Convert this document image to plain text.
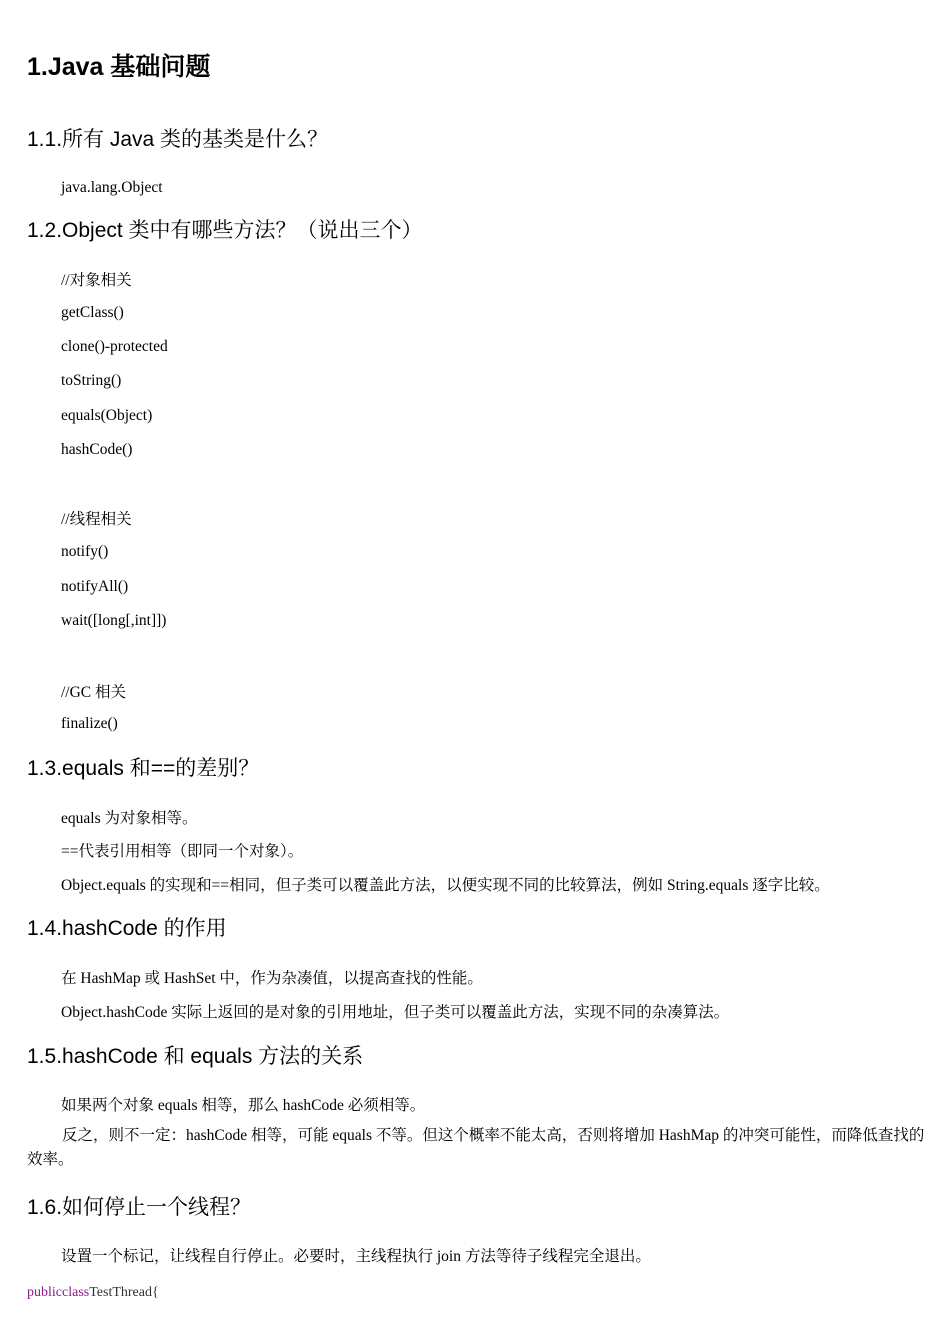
1.Java 基础问题
1.1.所有 Java 类的基类是什么？
java.lang.Object
1.2.Object 类中有哪些方法？（说出三个）
//对象相关
getClass()
clone()-protected
toString()
equals(Object)
hashCode()
//线程相关
notify()
notifyAll()
wait([long[,int]])
//GC 相关
finalize()
1.3.equals 和==的差别？
equals 为对象相等。
==代表引用相等（即同一个对象）。
Object.equals 的实现和==相同，但子类可以覆盖此方法，以便实现不同的比较算法，例如 String.equals 逐字比较。
1.4.hashCode 的作用
在 HashMap 或 HashSet 中，作为杂凑值，以提高查找的性能。
Object.hashCode 实际上返回的是对象的引用地址，但子类可以覆盖此方法，实现不同的杂凑算法。
1.5.hashCode 和 equals 方法的关系
如果两个对象 equals 相等，那么 hashCode 必须相等。
反之，则不一定：hashCode 相等，可能 equals 不等。但这个概率不能太高，否则将增加 HashMap 的冲突可能性，而降低查找的效率。
1.6.如何停止一个线程？
设置一个标记，让线程自行停止。必要时，主线程执行 join 方法等待子线程完全退出。
publicclassTestThread{
